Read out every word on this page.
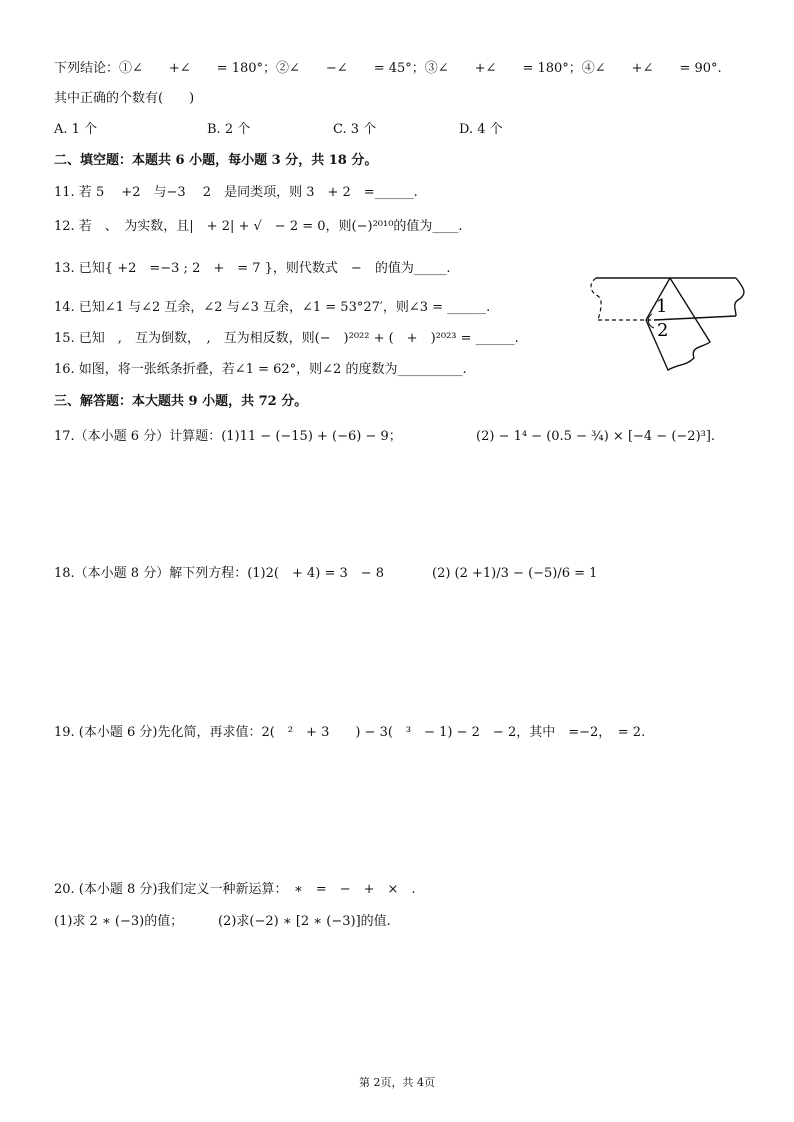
下列结论：①∠　　+∠　　= 180°；②∠　　−∠　　= 45°；③∠　　+∠　　= 180°；④∠　　+∠　　= 90°.
其中正确的个数有(　　)
A. 1 个	B. 2 个	C. 3 个	D. 4 个
二、填空题：本题共 6 小题，每小题 3 分，共 18 分。
11. 若 5　 +2　与−3　 2　是同类项，则 3　+ 2　=______.
12. 若　、　为实数，且|　+ 2| + √　− 2 = 0，则(−)²⁰¹⁰的值为____.
13. 已知{ +2　=−3 ; 2　+　= 7 }，则代数式　−　的值为_____.
14. 已知∠1 与∠2 互余，∠2 与∠3 互余，∠1 = 53°27′，则∠3 = ______.
15. 已知　,　互为倒数，　,　互为相反数，则(−　)²⁰²² + (　+　)²⁰²³ = ______.
16. 如图，将一张纸条折叠，若∠1 = 62°，则∠2 的度数为__________.
三、解答题：本大题共 9 小题，共 72 分。
17.（本小题 6 分）计算题：(1)11 − (−15) + (−6) − 9；	(2) − 1⁴ − (0.5 − ¾) × [−4 − (−2)³].
18.（本小题 8 分）解下列方程：(1)2(　+ 4) = 3　− 8	(2) (2 +1)/3 − (−5)/6 = 1
19. (本小题 6 分)先化简，再求值：2(　²　+ 3　　) − 3(　³　− 1) − 2　− 2，其中　=−2，　= 2.
20. (本小题 8 分)我们定义一种新运算：　∗　=　−　+　×　.
(1)求 2 ∗ (−3)的值；	(2)求(−2) ∗ [2 ∗ (−3)]的值.
1
2
第 2页，共 4页
